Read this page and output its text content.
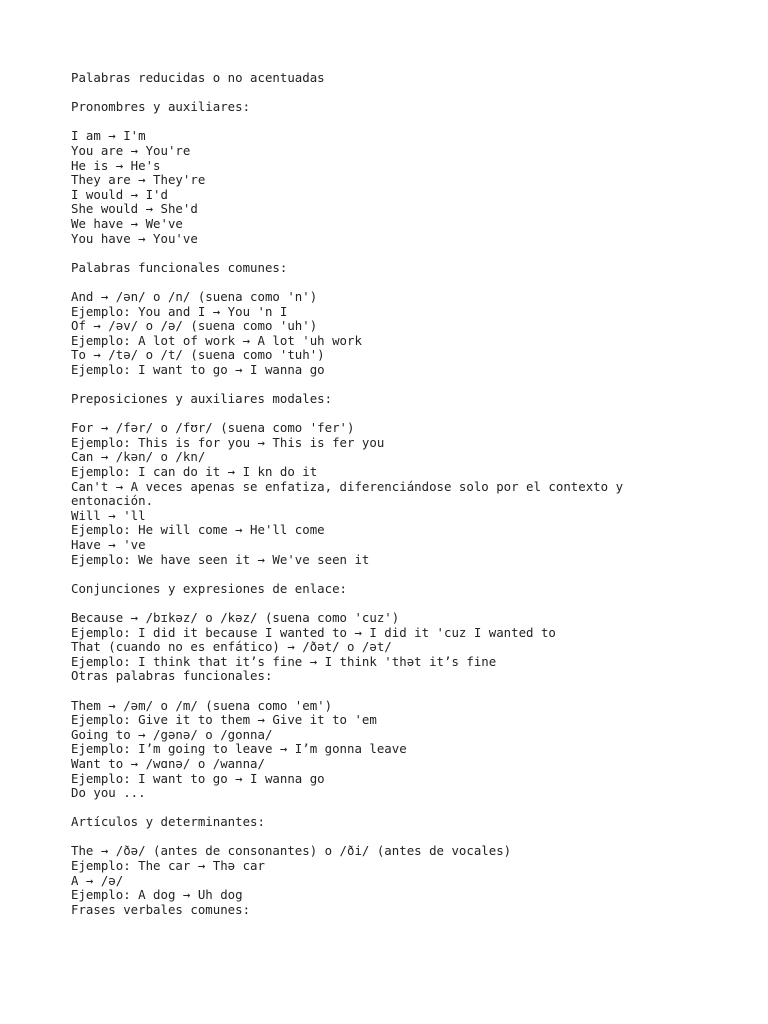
Palabras reducidas o no acentuadas
Pronombres y auxiliares:
I am → I'm
You are → You're
He is → He's
They are → They're
I would → I'd
She would → She'd
We have → We've
You have → You've
Palabras funcionales comunes:
And → /ən/ o /n/ (suena como 'n')
Ejemplo: You and I → You 'n I
Of → /əv/ o /ə/ (suena como 'uh')
Ejemplo: A lot of work → A lot 'uh work
To → /tə/ o /t/ (suena como 'tuh')
Ejemplo: I want to go → I wanna go
Preposiciones y auxiliares modales:
For → /fər/ o /fʊr/ (suena como 'fer')
Ejemplo: This is for you → This is fer you
Can → /kən/ o /kn/
Ejemplo: I can do it → I kn do it
Can't → A veces apenas se enfatiza, diferenciándose solo por el contexto y
entonación.
Will → 'll
Ejemplo: He will come → He'll come
Have → 've
Ejemplo: We have seen it → We've seen it
Conjunciones y expresiones de enlace:
Because → /bɪkəz/ o /kəz/ (suena como 'cuz')
Ejemplo: I did it because I wanted to → I did it 'cuz I wanted to
That (cuando no es enfático) → /ðət/ o /ət/
Ejemplo: I think that it’s fine → I think 'thət it’s fine
Otras palabras funcionales:
Them → /əm/ o /m/ (suena como 'em')
Ejemplo: Give it to them → Give it to 'em
Going to → /gənə/ o /gonna/
Ejemplo: I’m going to leave → I’m gonna leave
Want to → /wɑnə/ o /wanna/
Ejemplo: I want to go → I wanna go
Do you ...
Artículos y determinantes:
The → /ðə/ (antes de consonantes) o /ði/ (antes de vocales)
Ejemplo: The car → Thə car
A → /ə/
Ejemplo: A dog → Uh dog
Frases verbales comunes:
